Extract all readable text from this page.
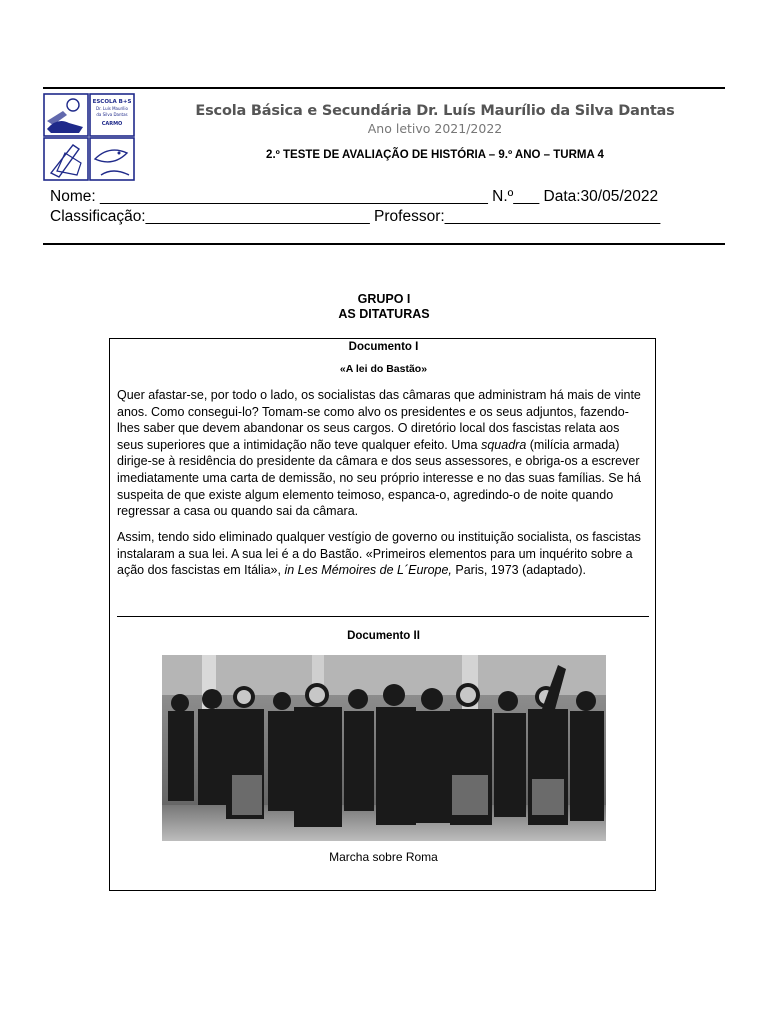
ESCOLA B+S
Dr. Luís Maurílio
da Silva Dantas
CARMO
Escola Básica e Secundária Dr. Luís Maurílio da Silva Dantas
Ano letivo 2021/2022
2.º TESTE DE AVALIAÇÃO DE HISTÓRIA – 9.º ANO – TURMA 4
Nome: _____________________________________________ N.º___ Data:30/05/2022
Classificação:__________________________ Professor:_________________________
GRUPO I
AS DITATURAS
Documento I
«A lei do Bastão»
Quer afastar-se, por todo o lado, os socialistas das câmaras que administram há mais de vinte anos. Como consegui-lo? Tomam-se como alvo os presidentes e os seus adjuntos, fazendo-lhes saber que devem abandonar os seus cargos. O diretório local dos fascistas relata aos seus superiores que a intimidação não teve qualquer efeito. Uma squadra (milícia armada) dirige-se à residência do presidente da câmara e dos seus assessores, e obriga-os a escrever imediatamente uma carta de demissão, no seu próprio interesse e no das suas famílias. Se há suspeita de que existe algum elemento teimoso, espanca-o, agredindo-o de noite quando regressar a casa ou quando sai da câmara.
Assim, tendo sido eliminado qualquer vestígio de governo ou instituição socialista, os fascistas instalaram a sua lei. A sua lei é a do Bastão. «Primeiros elementos para um inquérito sobre a ação dos fascistas em Itália», in Les Mémoires de L´Europe, Paris, 1973 (adaptado).
Documento II
Marcha sobre Roma
